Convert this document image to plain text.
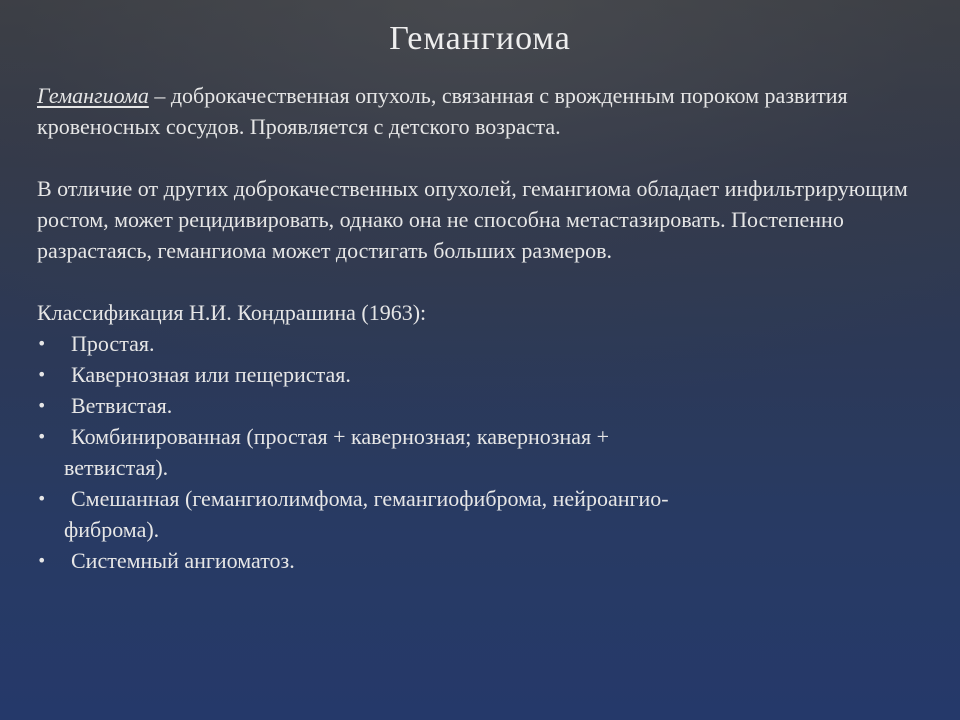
Гемангиома

Гемангиома – доброкачественная опухоль, связанная с врожденным пороком развития кровеносных сосудов. Проявляется с детского возраста.

В отличие от других доброкачественных опухолей, гемангиома обладает инфильтрирующим ростом, может рецидивировать, однако она не способна метастазировать. Постепенно разрастаясь, гемангиома может достигать больших размеров.

Классификация Н.И. Кондрашина (1963):

•	Простая.
•	Кавернозная или пещеристая.
•	Ветвистая.
•	Комбинированная (простая + кавернозная; кавернозная +
ветвистая).
•	Смешанная (гемангиолимфома, гемангиофиброма, нейроангио-
фиброма).
•	Системный ангиоматоз.
